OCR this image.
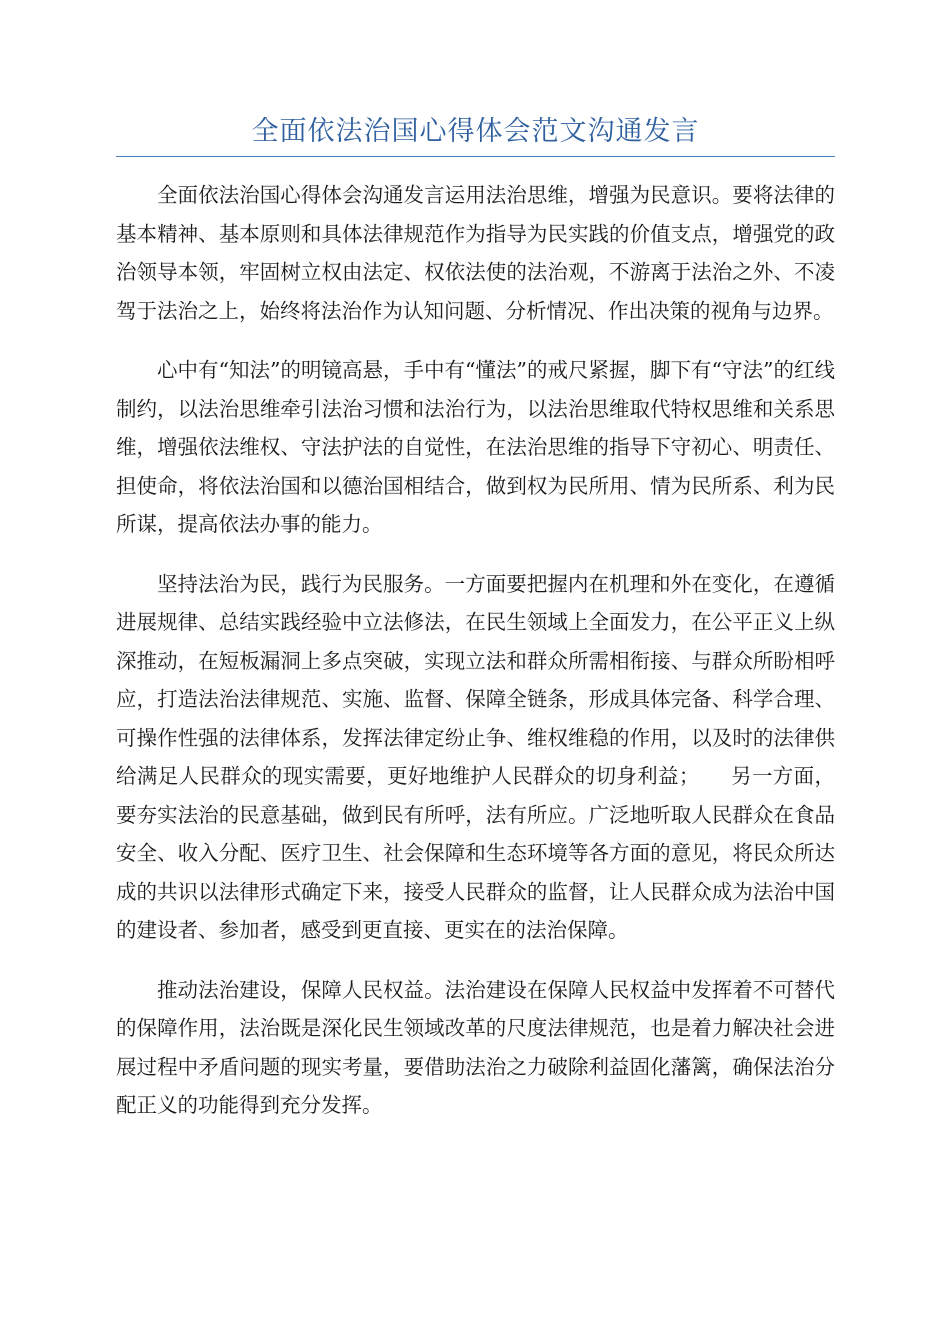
全面依法治国心得体会范文沟通发言

全面依法治国心得体会沟通发言运用法治思维，增强为民意识。要将法律的基本精神、基本原则和具体法律规范作为指导为民实践的价值支点，增强党的政治领导本领，牢固树立权由法定、权依法使的法治观，不游离于法治之外、不凌驾于法治之上，始终将法治作为认知问题、分析情况、作出决策的视角与边界。

心中有“知法”的明镜高悬，手中有“懂法”的戒尺紧握，脚下有“守法”的红线制约，以法治思维牵引法治习惯和法治行为，以法治思维取代特权思维和关系思维，增强依法维权、守法护法的自觉性，在法治思维的指导下守初心、明责任、担使命，将依法治国和以德治国相结合，做到权为民所用、情为民所系、利为民所谋，提高依法办事的能力。

坚持法治为民，践行为民服务。一方面要把握内在机理和外在变化，在遵循进展规律、总结实践经验中立法修法，在民生领域上全面发力，在公平正义上纵深推动，在短板漏洞上多点突破，实现立法和群众所需相衔接、与群众所盼相呼应，打造法治法律规范、实施、监督、保障全链条，形成具体完备、科学合理、可操作性强的法律体系，发挥法律定纷止争、维权维稳的作用，以及时的法律供给满足人民群众的现实需要，更好地维护人民群众的切身利益；　　另一方面，要夯实法治的民意基础，做到民有所呼，法有所应。广泛地听取人民群众在食品安全、收入分配、医疗卫生、社会保障和生态环境等各方面的意见，将民众所达成的共识以法律形式确定下来，接受人民群众的监督，让人民群众成为法治中国的建设者、参加者，感受到更直接、更实在的法治保障。

推动法治建设，保障人民权益。法治建设在保障人民权益中发挥着不可替代的保障作用，法治既是深化民生领域改革的尺度法律规范，也是着力解决社会进展过程中矛盾问题的现实考量，要借助法治之力破除利益固化藩篱，确保法治分配正义的功能得到充分发挥。
